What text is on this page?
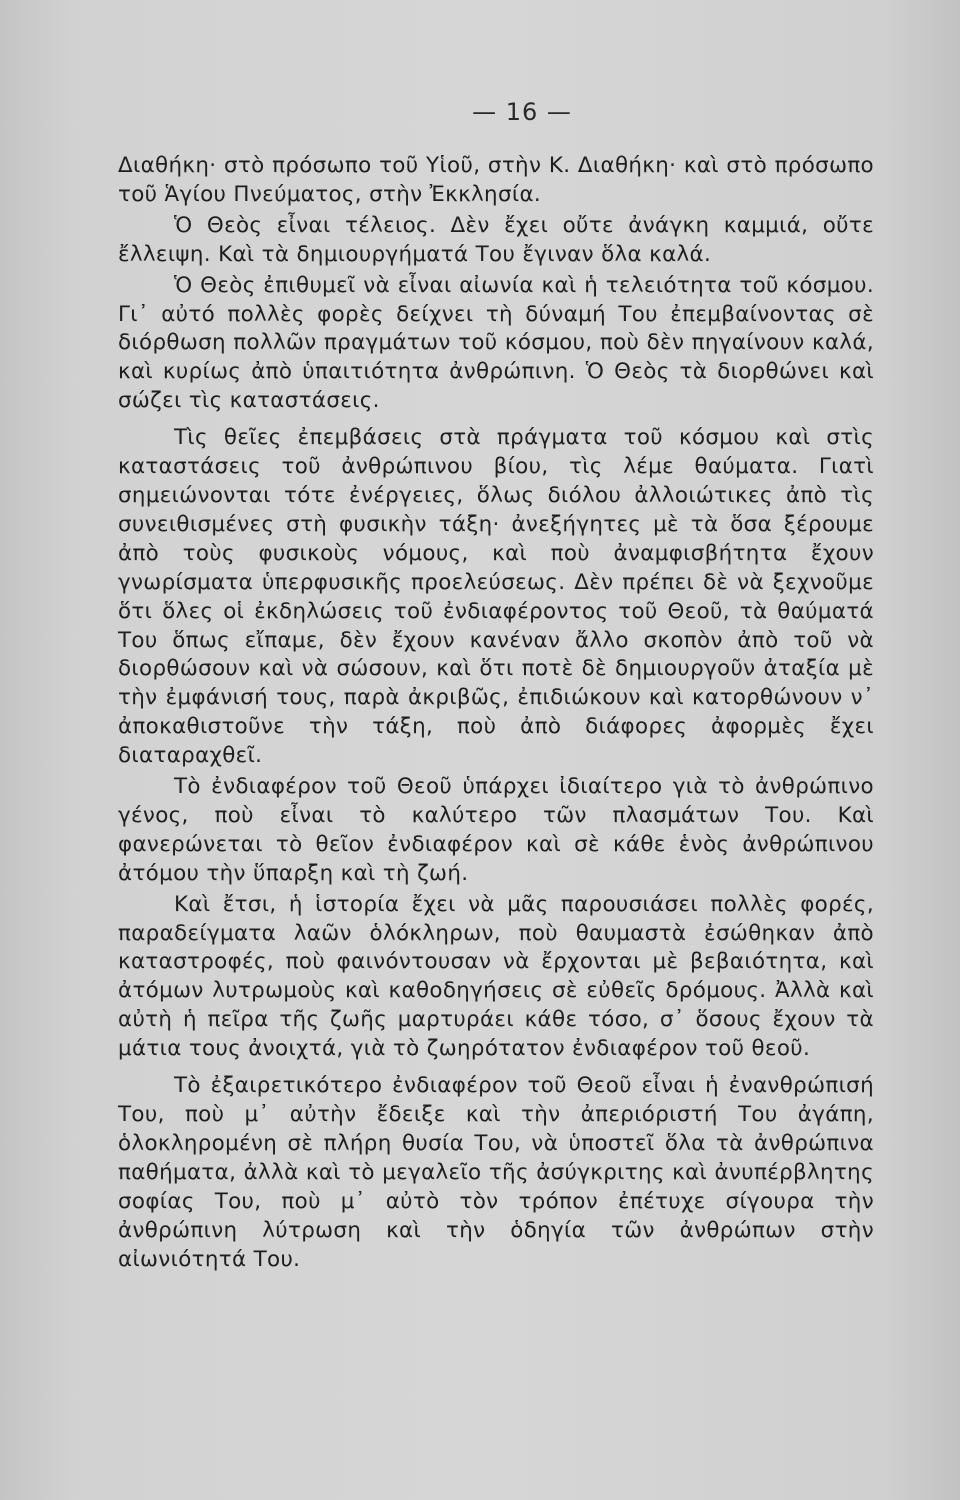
— 16 —

Διαθήκη· στὸ πρόσωπο τοῦ Υἱοῦ, στὴν Κ. Διαθήκη· καὶ στὸ πρόσωπο τοῦ Ἁγίου Πνεύματος, στὴν Ἐκκλησία.

Ὁ Θεὸς εἶναι τέλειος. Δὲν ἔχει οὔτε ἀνάγκη καμμιά, οὔτε ἔλλειψη. Καὶ τὰ δημιουργήματά Του ἔγιναν ὅλα καλά.

Ὁ Θεὸς ἐπιθυμεῖ νὰ εἶναι αἰωνία καὶ ἡ τελειότητα τοῦ κόσμου. Γι᾿ αὐτό πολλὲς φορὲς δείχνει τὴ δύναμή Του ἐπεμβαίνοντας σὲ διόρθωση πολλῶν πραγμάτων τοῦ κόσμου, ποὺ δὲν πηγαίνουν καλά, καὶ κυρίως ἀπὸ ὑπαιτιότητα ἀνθρώπινη. Ὁ Θεὸς τὰ διορθώνει καὶ σώζει τὶς καταστάσεις.

Τὶς θεῖες ἐπεμβάσεις στὰ πράγματα τοῦ κόσμου καὶ στὶς καταστάσεις τοῦ ἀνθρώπινου βίου, τὶς λέμε θαύματα. Γιατὶ σημειώνονται τότε ἐνέργειες, ὅλως διόλου ἀλλοιώτικες ἀπὸ τὶς συνειθισμένες στὴ φυσικὴν τάξη· ἀνεξήγητες μὲ τὰ ὅσα ξέρουμε ἀπὸ τοὺς φυσικοὺς νόμους, καὶ ποὺ ἀναμφισβήτητα ἔχουν γνωρίσματα ὑπερφυσικῆς προελεύσεως. Δὲν πρέπει δὲ νὰ ξεχνοῦμε ὅτι ὅλες οἱ ἐκδηλώσεις τοῦ ἐνδιαφέροντος τοῦ Θεοῦ, τὰ θαύματά Του ὅπως εἴπαμε, δὲν ἔχουν κανέναν ἄλλο σκοπὸν ἀπὸ τοῦ νὰ διορθώσουν καὶ νὰ σώσουν, καὶ ὅτι ποτὲ δὲ δημιουργοῦν ἀταξία μὲ τὴν ἐμφάνισή τους, παρὰ ἀκριβῶς, ἐπιδιώκουν καὶ κατορθώνουν ν᾿ ἀποκαθιστοῦνε τὴν τάξη, ποὺ ἀπὸ διάφορες ἀφορμὲς ἔχει διαταραχθεῖ.

Τὸ ἐνδιαφέρον τοῦ Θεοῦ ὑπάρχει ἰδιαίτερο γιὰ τὸ ἀνθρώπινο γένος, ποὺ εἶναι τὸ καλύτερο τῶν πλασμάτων Του. Καὶ φανερώνεται τὸ θεῖον ἐνδιαφέρον καὶ σὲ κάθε ἑνὸς ἀνθρώπινου ἀτόμου τὴν ὕπαρξη καὶ τὴ ζωή.

Καὶ ἔτσι, ἡ ἱστορία ἔχει νὰ μᾶς παρουσιάσει πολλὲς φορές, παραδείγματα λαῶν ὁλόκληρων, ποὺ θαυμαστὰ ἐσώθηκαν ἀπὸ καταστροφές, ποὺ φαινόντουσαν νὰ ἔρχονται μὲ βεβαιότητα, καὶ ἀτόμων λυτρωμοὺς καὶ καθοδηγήσεις σὲ εὐθεῖς δρόμους. Ἀλλὰ καὶ αὐτὴ ἡ πεῖρα τῆς ζωῆς μαρτυράει κάθε τόσο, σ᾿ ὅσους ἔχουν τὰ μάτια τους ἀνοιχτά, γιὰ τὸ ζωηρότατον ἐνδιαφέρον τοῦ θεοῦ.

Τὸ ἐξαιρετικότερο ἐνδιαφέρον τοῦ Θεοῦ εἶναι ἡ ἐνανθρώπισή Του, ποὺ μ᾿ αὐτὴν ἔδειξε καὶ τὴν ἀπεριόριστή Του ἀγάπη, ὁλοκληρομένη σὲ πλήρη θυσία Του, νὰ ὑποστεῖ ὅλα τὰ ἀνθρώπινα παθήματα, ἀλλὰ καὶ τὸ μεγαλεῖο τῆς ἀσύγκριτης καὶ ἀνυπέρβλητης σοφίας Του, ποὺ μ᾿ αὐτὸ τὸν τρόπον ἐπέτυχε σίγουρα τὴν ἀνθρώπινη λύτρωση καὶ τὴν ὁδηγία τῶν ἀνθρώπων στὴν αἰωνιότητά Του.
